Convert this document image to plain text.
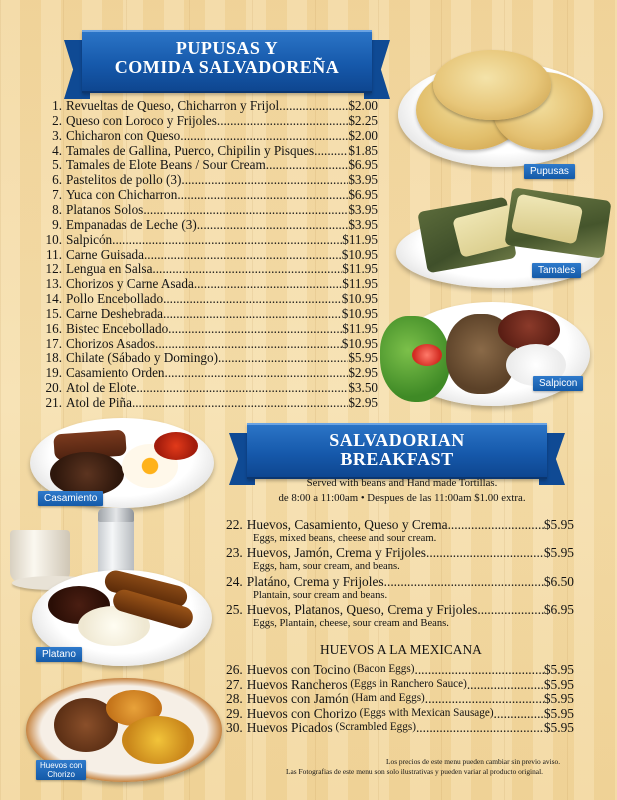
PUPUSAS Y
COMIDA SALVADOREÑA
1. Revueltas de Queso, Chicharron y Frijol .....	$2.00
2. Queso con Loroco y Frijoles .....	$2.25
3. Chicharon con Queso .....	$2.00
4. Tamales de Gallina, Puerco, Chipilin y Pisques .....	$1.85
5. Tamales de Elote Beans / Sour Cream .....	$6.95
6. Pastelitos de pollo (3) .....	$3.95
7. Yuca con Chicharron .....	$6.95
8. Platanos Solos .....	$3.95
9. Empanadas de Leche (3) .....	$3.95
10. Salpicón .....	$11.95
11. Carne Guisada .....	$10.95
12. Lengua en Salsa .....	$11.95
13. Chorizos y Carne Asada .....	$11.95
14. Pollo Encebollado .....	$10.95
15. Carne Deshebrada .....	$10.95
16. Bistec Encebollado .....	$11.95
17. Chorizos Asados .....	$10.95
18. Chilate (Sábado y Domingo) .....	$5.95
19. Casamiento Orden .....	$2.95
20. Atol de Elote .....	$3.50
21. Atol de Piña .....	$2.95
Pupusas
Tamales
Salpicon
Casamiento
Platano
Huevos con
Chorizo
SALVADORIAN
BREAKFAST
Served with beans and Hand made Tortillas.
de 8:00 a 11:00am • Despues de las 11:00am $1.00 extra.
22. Huevos, Casamiento, Queso y Crema .....	$5.95
Eggs, mixed beans, cheese and sour cream.
23. Huevos, Jamón, Crema y Frijoles .....	$5.95
Eggs, ham, sour cream, and beans.
24. Platáno, Crema y Frijoles .....	$6.50
Plantain, sour cream and beans.
25. Huevos, Platanos, Queso, Crema y Frijoles .....	$6.95
Eggs, Plantain, cheese, sour cream and Beans.
HUEVOS A LA MEXICANA
26. Huevos con Tocino (Bacon Eggs) .....	$5.95
27. Huevos Rancheros (Eggs in Ranchero Sauce) .....	$5.95
28. Huevos con Jamón (Ham and Eggs) .....	$5.95
29. Huevos con Chorizo (Eggs with Mexican Sausage) .....	$5.95
30. Huevos Picados (Scrambled Eggs) .....	$5.95
Los precios de este menu pueden cambiar sin previo aviso.
Las Fotografias de este menu son solo ilustrativas y pueden variar al producto original.
